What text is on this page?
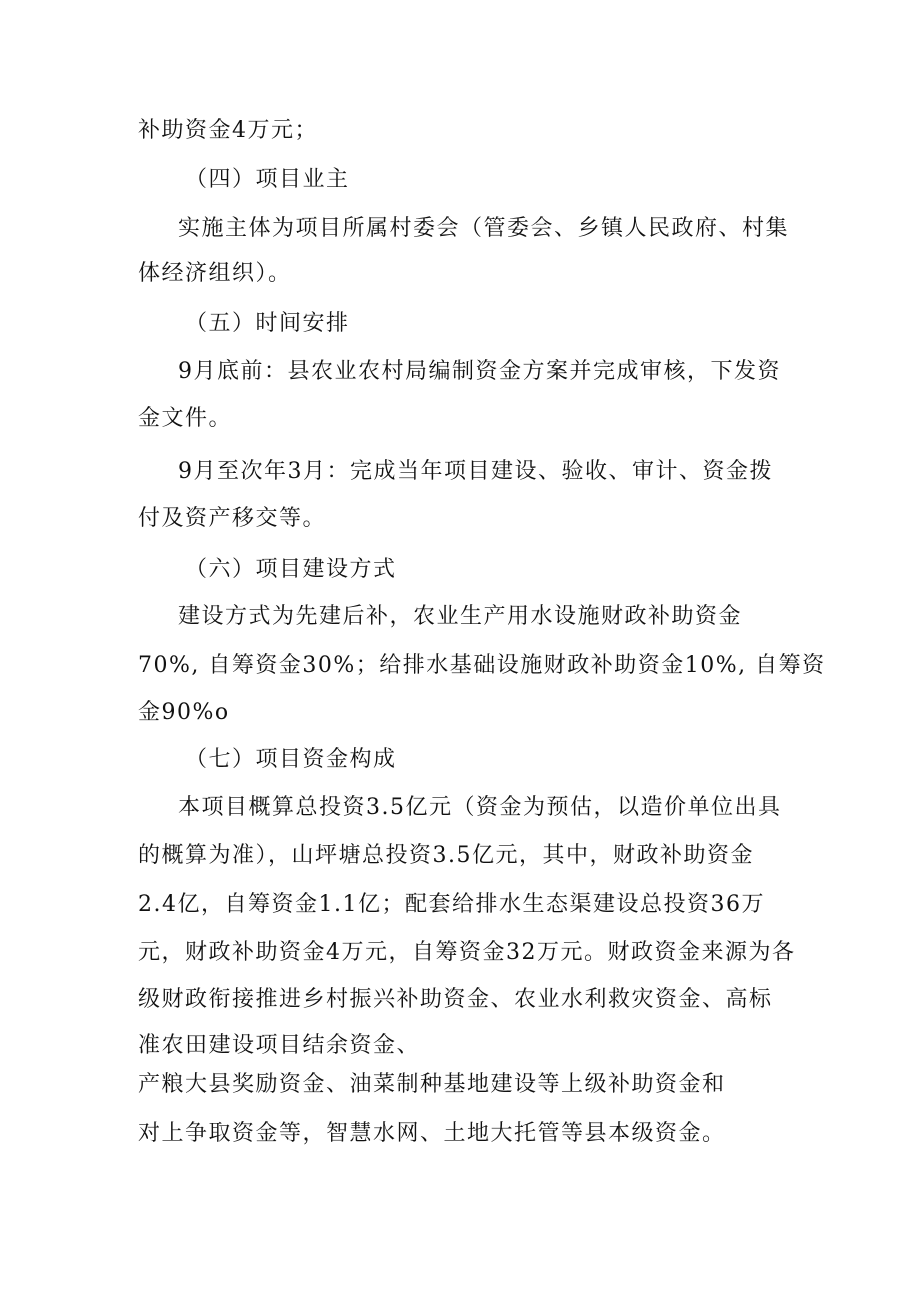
补助资金4万元；
（四）项目业主
实施主体为项目所属村委会（管委会、乡镇人民政府、村集
体经济组织）。
（五）时间安排
9月底前：县农业农村局编制资金方案并完成审核，下发资
金文件。
9月至次年3月：完成当年项目建设、验收、审计、资金拨
付及资产移交等。
（六）项目建设方式
建设方式为先建后补，农业生产用水设施财政补助资金
70%, 自筹资金30%；给排水基础设施财政补助资金10%, 自筹资
金90%o
（七）项目资金构成
本项目概算总投资3.5亿元（资金为预估，以造价单位出具
的概算为准），山坪塘总投资3.5亿元，其中，财政补助资金
2.4亿，自筹资金1.1亿；配套给排水生态渠建设总投资36万
元，财政补助资金4万元，自筹资金32万元。财政资金来源为各
级财政衔接推进乡村振兴补助资金、农业水利救灾资金、高标
准农田建设项目结余资金、
产粮大县奖励资金、油菜制种基地建设等上级补助资金和
对上争取资金等，智慧水网、土地大托管等县本级资金。
